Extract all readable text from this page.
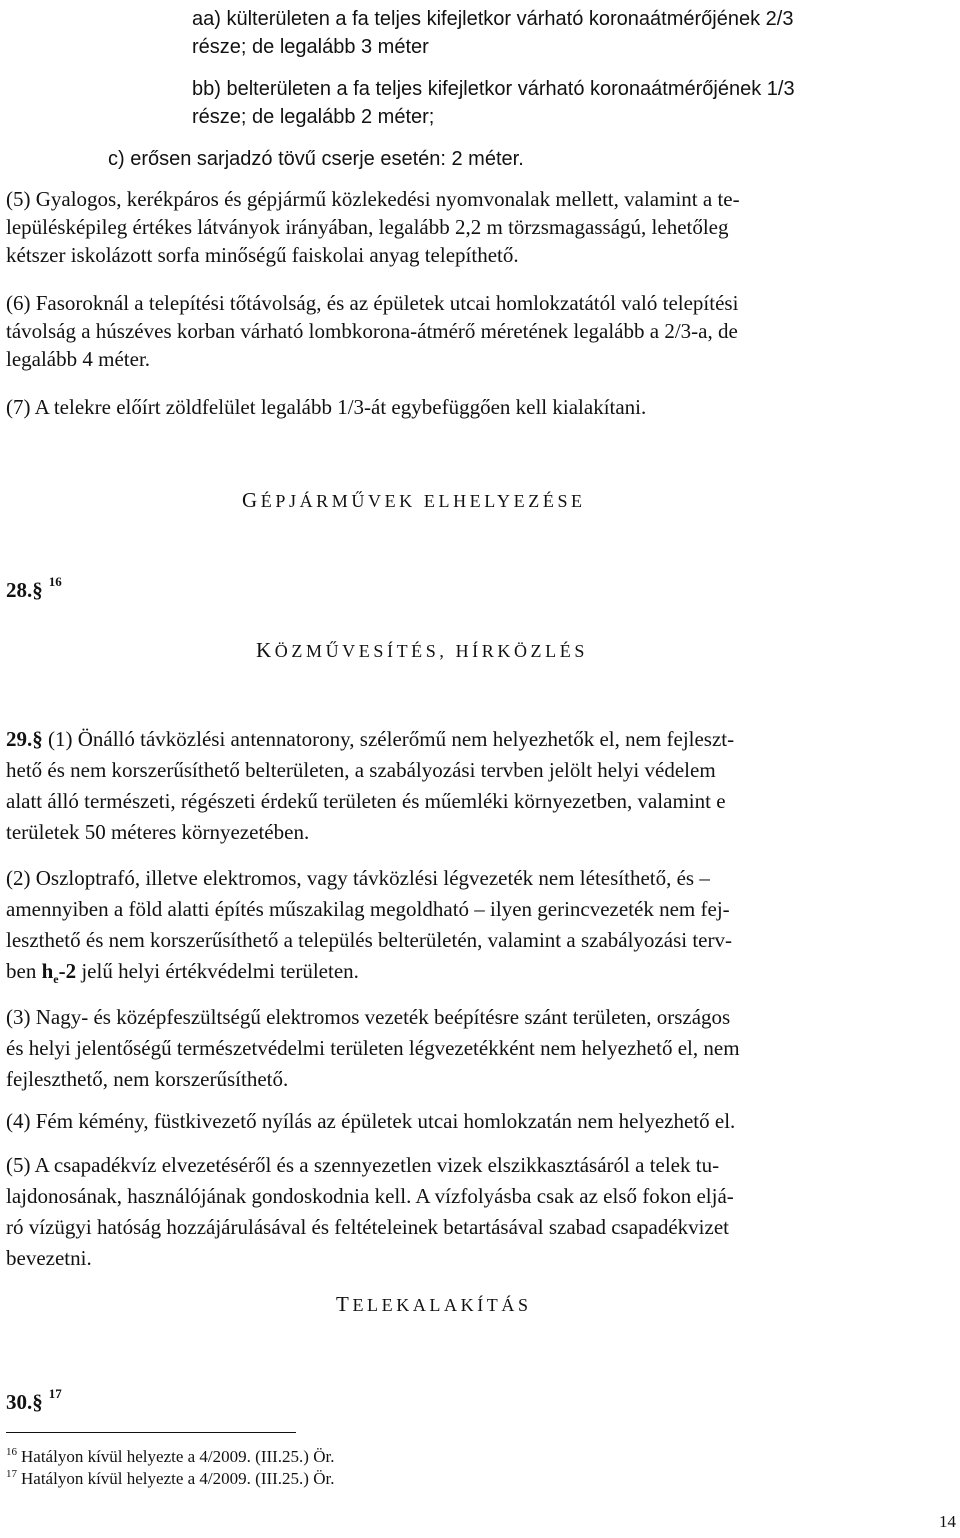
aa) külterületen a fa teljes kifejletkor várható koronaátmérőjének 2/3
része; de legalább 3 méter
bb) belterületen a fa teljes kifejletkor várható koronaátmérőjének 1/3
része; de legalább 2 méter;
c) erősen sarjadzó tövű cserje esetén: 2 méter.
(5) Gyalogos, kerékpáros és gépjármű közlekedési nyomvonalak mellett, valamint a te-
lepülésképileg értékes látványok irányában, legalább 2,2 m törzsmagasságú, lehetőleg
kétszer iskolázott sorfa minőségű faiskolai anyag telepíthető.
(6) Fasoroknál a telepítési tőtávolság, és az épületek utcai homlokzatától való telepítési
távolság a húszéves korban várható lombkorona-átmérő méretének legalább a 2/3-a, de
legalább 4 méter.
(7) A telekre előírt zöldfelület legalább 1/3-át egybefüggően kell kialakítani.
GÉPJÁRMŰVEK ELHELYEZÉSE
28.§ $^{16}$
KÖZMŰVESÍTÉS, HÍRKÖZLÉS
29.§ (1) Önálló távközlési antennatorony, szélerőmű nem helyezhetők el, nem fejleszt-
hető és nem korszerűsíthető belterületen, a szabályozási tervben jelölt helyi védelem
alatt álló természeti, régészeti érdekű területen és műemléki környezetben, valamint e
területek 50 méteres környezetében.
(2) Oszloptrafó, illetve elektromos, vagy távközlési légvezeték nem létesíthető, és –
amennyiben a föld alatti építés műszakilag megoldható – ilyen gerincvezeték nem fej-
leszthető és nem korszerűsíthető a település belterületén, valamint a szabályozási terv-
ben $h_e-2$ jelű helyi értékvédelmi területen.
(3) Nagy- és középfeszültségű elektromos vezeték beépítésre szánt területen, országos
és helyi jelentőségű természetvédelmi területen légvezetékként nem helyezhető el, nem
fejleszthető, nem korszerűsíthető.
(4) Fém kémény, füstkivezető nyílás az épületek utcai homlokzatán nem helyezhető el.
(5) A csapadékvíz elvezetéséről és a szennyezetlen vizek elszikkasztásáról a telek tu-
lajdonosának, használójának gondoskodnia kell. A vízfolyásba csak az első fokon eljá-
ró vízügyi hatóság hozzájárulásával és feltételeinek betartásával szabad csapadékvizet
bevezetni.
TELEKALAKÍTÁS
30.§ $^{17}$
$^{16}$ Hatályon kívül helyezte a 4/2009. (III.25.) Ör.
$^{17}$ Hatályon kívül helyezte a 4/2009. (III.25.) Ör.
14
